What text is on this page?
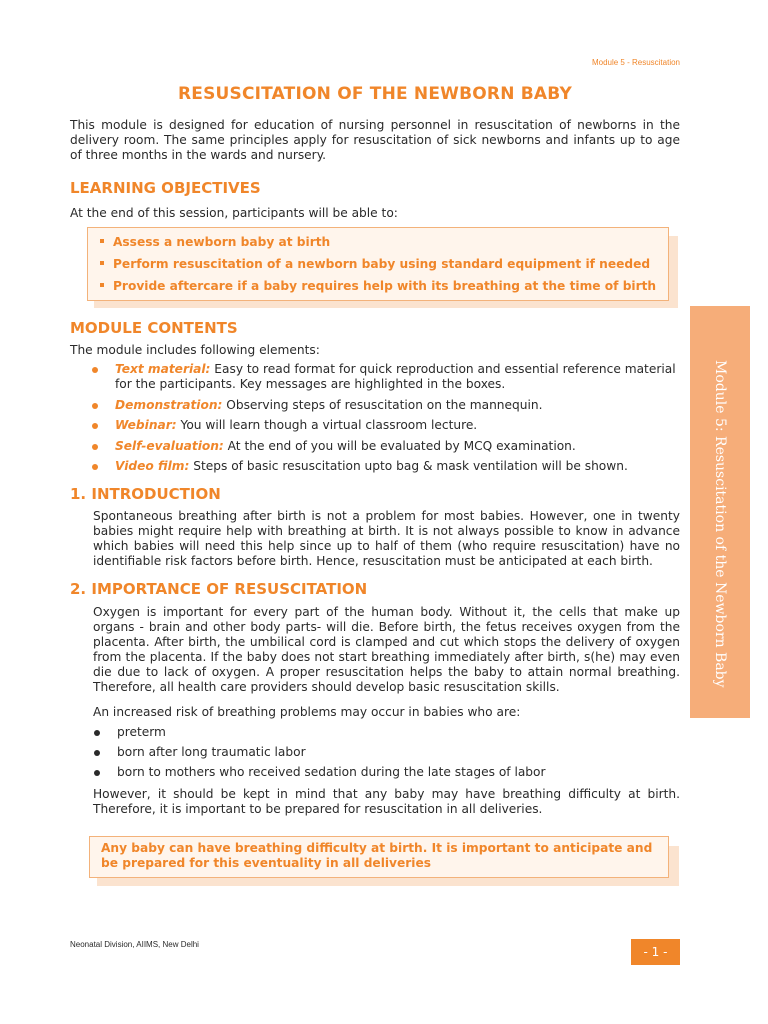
Module 5 - Resuscitation
RESUSCITATION OF THE NEWBORN BABY
This module is designed for education of nursing personnel in resuscitation of newborns in the delivery room. The same principles apply for resuscitation of sick newborns and infants up to age of three months in the wards and nursery.
LEARNING OBJECTIVES
At the end of this session, participants will be able to:
Assess a newborn baby at birth
Perform resuscitation of a newborn baby using standard equipment if needed
Provide aftercare if a baby requires help with its breathing at the time of birth
MODULE CONTENTS
The module includes following elements:
Text material: Easy to read format for quick reproduction and essential reference material for the participants. Key messages are highlighted in the boxes.
Demonstration: Observing steps of resuscitation on the mannequin.
Webinar: You will learn though a virtual classroom lecture.
Self-evaluation: At the end of you will be evaluated by MCQ examination.
Video film: Steps of basic resuscitation upto bag & mask ventilation will be shown.
1. INTRODUCTION
Spontaneous breathing after birth is not a problem for most babies. However, one in twenty babies might require help with breathing at birth. It is not always possible to know in advance which babies will need this help since up to half of them (who require resuscitation) have no identifiable risk factors before birth. Hence, resuscitation must be anticipated at each birth.
2. IMPORTANCE OF RESUSCITATION
Oxygen is important for every part of the human body. Without it, the cells that make up organs - brain and other body parts- will die. Before birth, the fetus receives oxygen from the placenta. After birth, the umbilical cord is clamped and cut which stops the delivery of oxygen from the placenta. If the baby does not start breathing immediately after birth, s(he) may even die due to lack of oxygen. A proper resuscitation helps the baby to attain normal breathing. Therefore, all health care providers should develop basic resuscitation skills.
An increased risk of breathing problems may occur in babies who are:
preterm
born after long traumatic labor
born to mothers who received sedation during the late stages of labor
However, it should be kept in mind that any baby may have breathing difficulty at birth. Therefore, it is important to be prepared for resuscitation in all deliveries.
Any baby can have breathing difficulty at birth. It is important to anticipate and be prepared for this eventuality in all deliveries
Module 5: Resuscitation of the Newborn Baby
Neonatal Division, AIIMS, New Delhi
- 1 -
